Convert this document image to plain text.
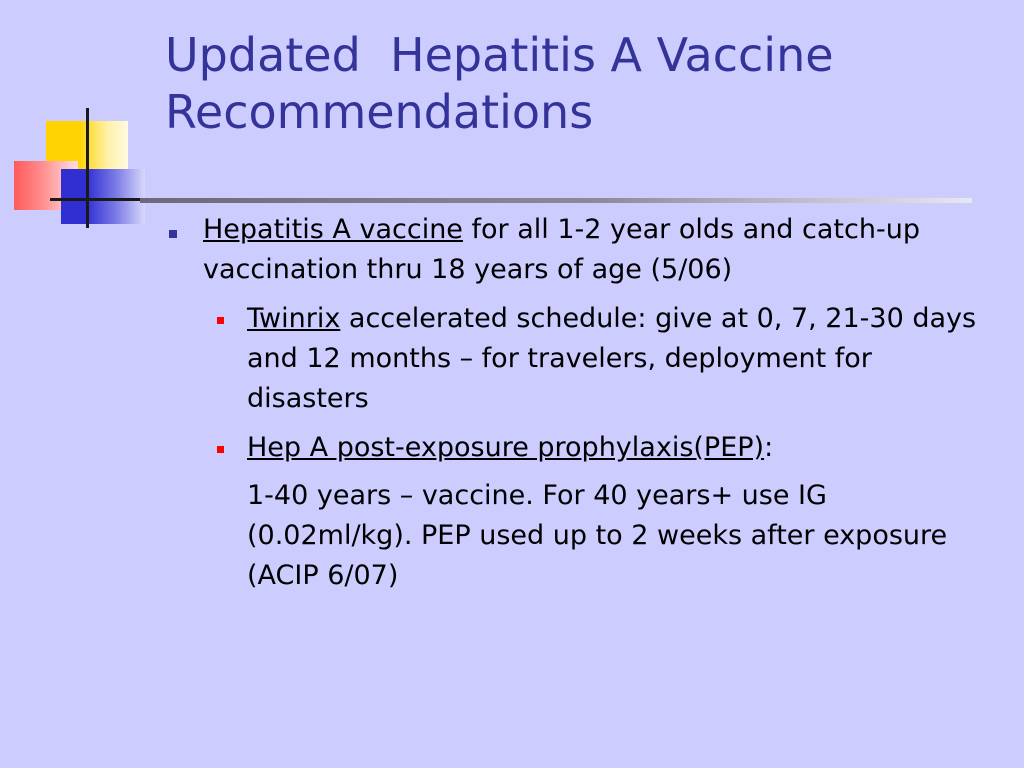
Updated  Hepatitis A Vaccine
Recommendations
Hepatitis A vaccine for all 1-2 year olds and catch-up vaccination thru 18 years of age (5/06)
Twinrix accelerated schedule: give at 0, 7, 21-30 days and 12 months – for travelers, deployment for disasters
Hep A post-exposure prophylaxis(PEP):
1-40 years – vaccine. For 40 years+ use IG (0.02ml/kg). PEP used up to 2 weeks after exposure (ACIP 6/07)
